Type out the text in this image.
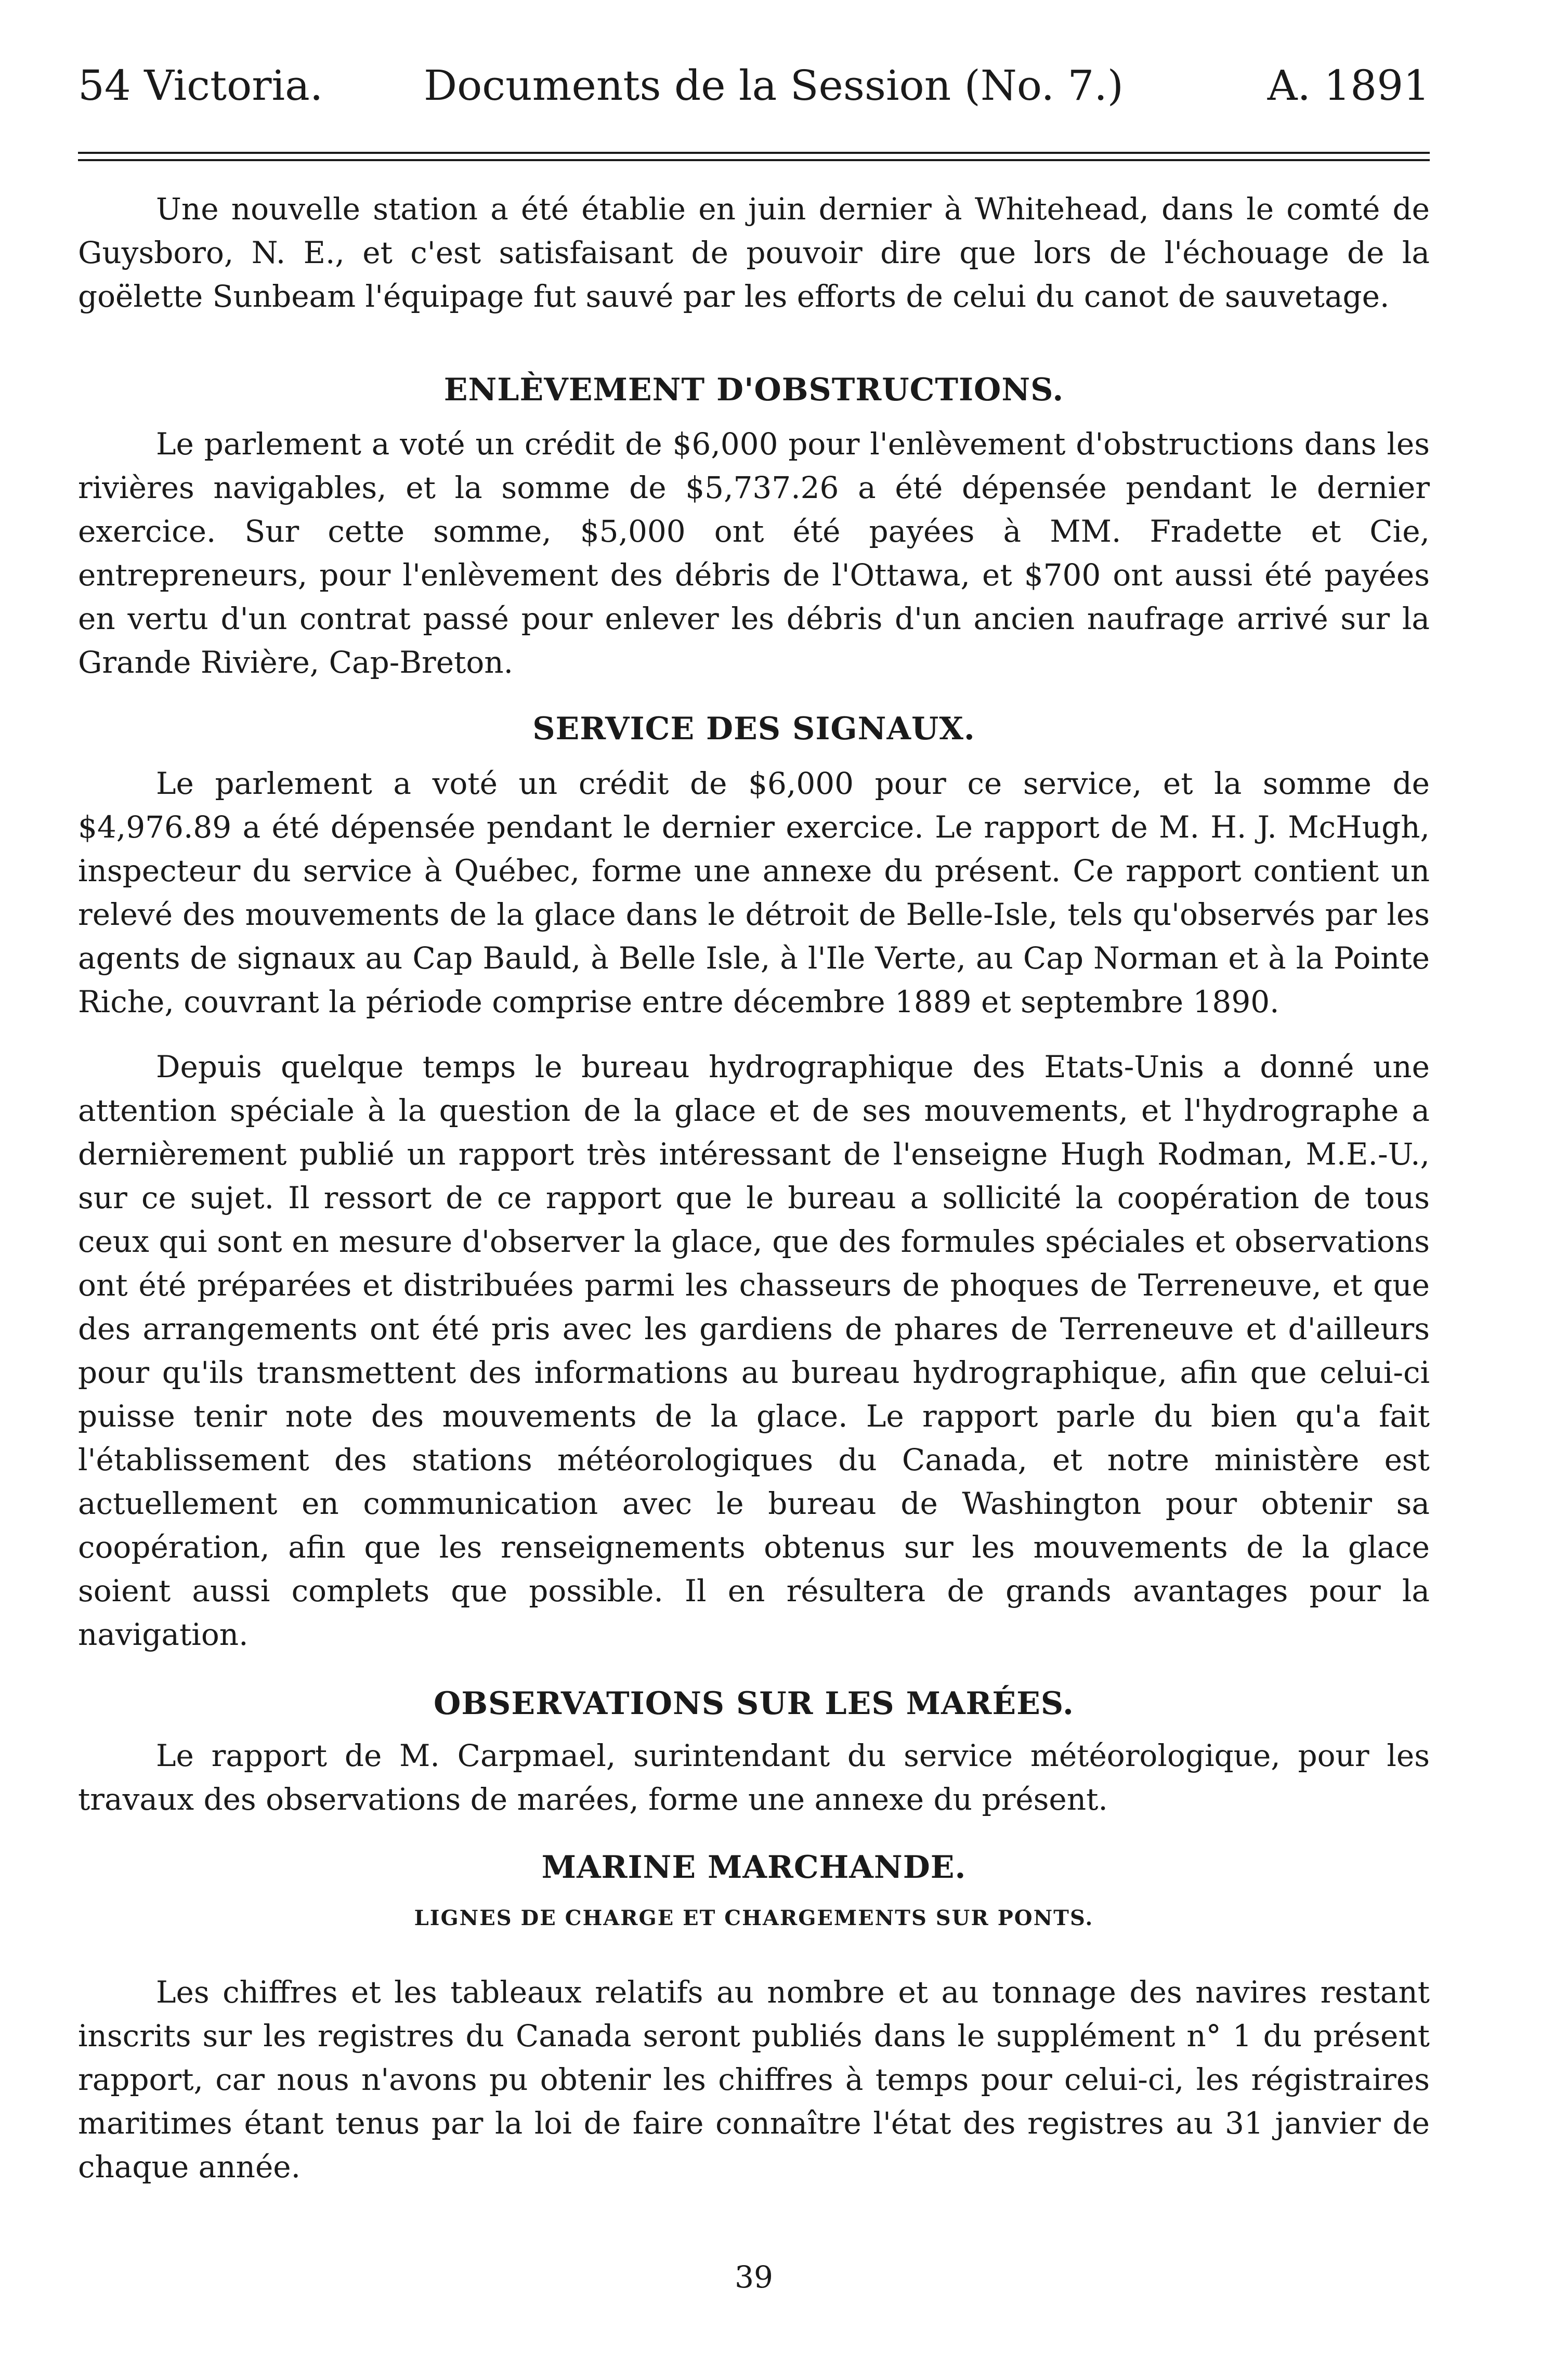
54 Victoria. Documents de la Session (No. 7.)	A. 1891

Une nouvelle station a été établie en juin dernier à Whitehead, dans le comté de Guysboro, N. E., et c'est satisfaisant de pouvoir dire que lors de l'échouage de la goëlette Sunbeam l'équipage fut sauvé par les efforts de celui du canot de sauvetage.

ENLÈVEMENT D'OBSTRUCTIONS.

Le parlement a voté un crédit de $6,000 pour l'enlèvement d'obstructions dans les rivières navigables, et la somme de $5,737.26 a été dépensée pendant le dernier exercice. Sur cette somme, $5,000 ont été payées à MM. Fradette et Cie, entrepreneurs, pour l'enlèvement des débris de l'Ottawa, et $700 ont aussi été payées en vertu d'un contrat passé pour enlever les débris d'un ancien naufrage arrivé sur la Grande Rivière, Cap-Breton.

SERVICE DES SIGNAUX.

Le parlement a voté un crédit de $6,000 pour ce service, et la somme de $4,976.89 a été dépensée pendant le dernier exercice. Le rapport de M. H. J. McHugh, inspecteur du service à Québec, forme une annexe du présent. Ce rapport contient un relevé des mouvements de la glace dans le détroit de Belle-Isle, tels qu'observés par les agents de signaux au Cap Bauld, à Belle Isle, à l'Ile Verte, au Cap Norman et à la Pointe Riche, couvrant la période comprise entre décembre 1889 et septembre 1890.

Depuis quelque temps le bureau hydrographique des Etats-Unis a donné une attention spéciale à la question de la glace et de ses mouvements, et l'hydrographe a dernièrement publié un rapport très intéressant de l'enseigne Hugh Rodman, M.E.-U., sur ce sujet. Il ressort de ce rapport que le bureau a sollicité la coopération de tous ceux qui sont en mesure d'observer la glace, que des formules spéciales et observations ont été préparées et distribuées parmi les chasseurs de phoques de Terreneuve, et que des arrangements ont été pris avec les gardiens de phares de Terreneuve et d'ailleurs pour qu'ils transmettent des informations au bureau hydrographique, afin que celui-ci puisse tenir note des mouvements de la glace. Le rapport parle du bien qu'a fait l'établissement des stations météorologiques du Canada, et notre ministère est actuellement en communication avec le bureau de Washington pour obtenir sa coopération, afin que les renseignements obtenus sur les mouvements de la glace soient aussi complets que possible. Il en résultera de grands avantages pour la navigation.

OBSERVATIONS SUR LES MARÉES.

Le rapport de M. Carpmael, surintendant du service météorologique, pour les travaux des observations de marées, forme une annexe du présent.

MARINE MARCHANDE.
LIGNES DE CHARGE ET CHARGEMENTS SUR PONTS.

Les chiffres et les tableaux relatifs au nombre et au tonnage des navires restant inscrits sur les registres du Canada seront publiés dans le supplément n° 1 du présent rapport, car nous n'avons pu obtenir les chiffres à temps pour celui-ci, les régistraires maritimes étant tenus par la loi de faire connaître l'état des registres au 31 janvier de chaque année.

39
